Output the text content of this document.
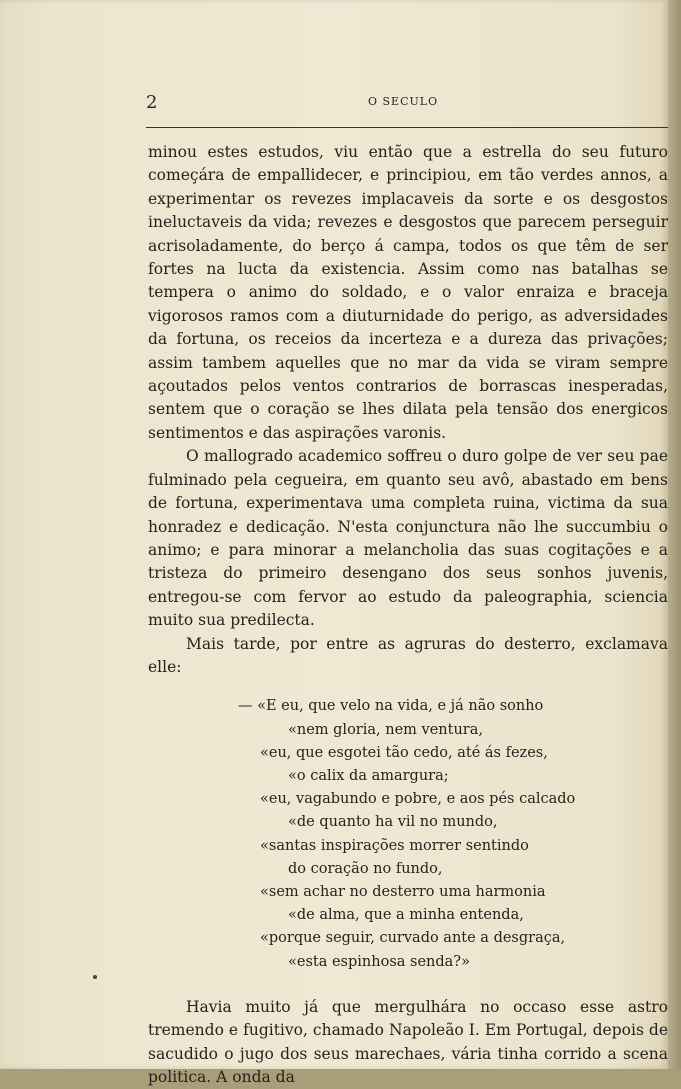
2	O SECULO

minou estes estudos, viu então que a estrella do seu futuro começára de empallidecer, e principiou, em tão verdes annos, a experimentar os revezes implacaveis da sorte e os desgostos ineluctaveis da vida; revezes e desgostos que parecem perseguir acrisoladamente, do berço á campa, todos os que têm de ser fortes na lucta da existencia. Assim como nas batalhas se tempera o animo do soldado, e o valor enraiza e braceja vigorosos ramos com a diuturnidade do perigo, as adversidades da fortuna, os receios da incerteza e a dureza das privações; assim tambem aquelles que no mar da vida se viram sempre açoutados pelos ventos contrarios de borrascas inesperadas, sentem que o coração se lhes dilata pela tensão dos energicos sentimentos e das aspirações varonis.

O mallogrado academico soffreu o duro golpe de ver seu pae fulminado pela cegueira, em quanto seu avô, abastado em bens de fortuna, experimentava uma completa ruina, victima da sua honradez e dedicação. N'esta conjunctura não lhe succumbiu o animo; e para minorar a melancholia das suas cogitações e a tristeza do primeiro desengano dos seus sonhos juvenis, entregou-se com fervor ao estudo da paleographia, sciencia muito sua predilecta.

Mais tarde, por entre as agruras do desterro, exclamava elle:

— «E eu, que velo na vida, e já não sonho
«nem gloria, nem ventura,
«eu, que esgotei tão cedo, até ás fezes,
«o calix da amargura;
«eu, vagabundo e pobre, e aos pés calcado
«de quanto ha vil no mundo,
«santas inspirações morrer sentindo
do coração no fundo,
«sem achar no desterro uma harmonia
«de alma, que a minha entenda,
«porque seguir, curvado ante a desgraça,
«esta espinhosa senda?»

Havia muito já que mergulhára no occaso esse astro tremendo e fugitivo, chamado Napoleão I. Em Portugal, depois de sacudido o jugo dos seus marechaes, vária tinha corrido a scena politica. A onda da
